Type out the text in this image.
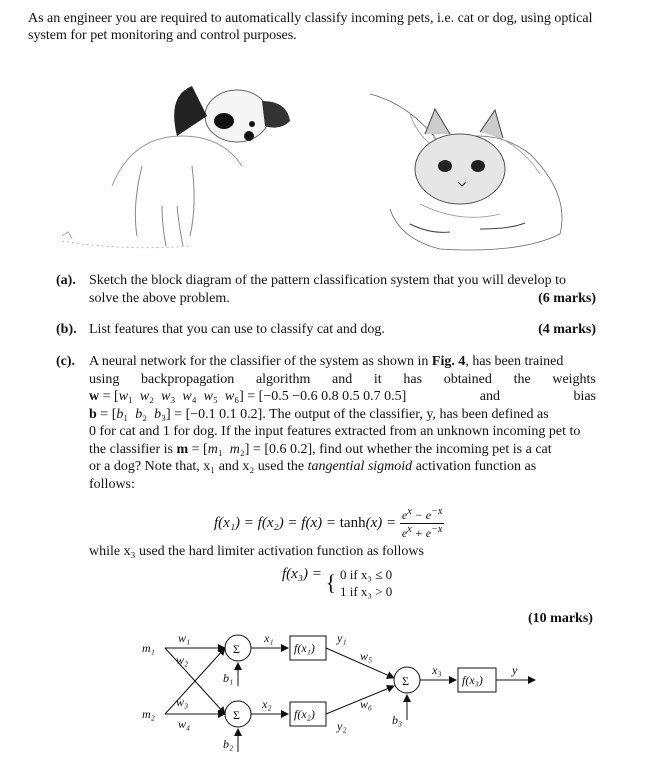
As an engineer you are required to automatically classify incoming pets, i.e. cat or dog, using optical system for pet monitoring and control purposes.
(a). Sketch the block diagram of the pattern classification system that you will develop to solve the above problem.	(6 marks)
(b). List features that you can use to classify cat and dog.	(4 marks)
(c). A neural network for the classifier of the system as shown in Fig. 4, has been trained
using backpropagation algorithm and it has obtained the weights
w = [w₁  w₂  w₃  w₄  w₅  w₆] = [−0.5 −0.6 0.8 0.5 0.7 0.5]	and	bias
b = [b₁  b₂  b₃] = [−0.1 0.1 0.2]. The output of the classifier, y, has been defined as
0 for cat and 1 for dog. If the input features extracted from an unknown incoming pet to
the classifier is m = [m₁  m₂] = [0.6 0.2], find out whether the incoming pet is a cat
or a dog? Note that, x₁ and x₂ used the tangential sigmoid activation function as
follows:
$f(x_1) = f(x_2) = f(x) = \tanh(x) = \frac{e^x - e^{-x}}{e^x + e^{-x}}$
while x₃ used the hard limiter activation function as follows
f(x₃) = { 0 if x₃ ≤ 0
1 if x₃ > 0
(10 marks)
m₁
m₂
w₁
w₂
w₃
w₄
Σ
Σ
b₁
b₂
x₁
x₂
f(x₁)
f(x₂)
y₁
y₂
w₅
w₆
Σ
b₃
x₃
f(x₃)
y
